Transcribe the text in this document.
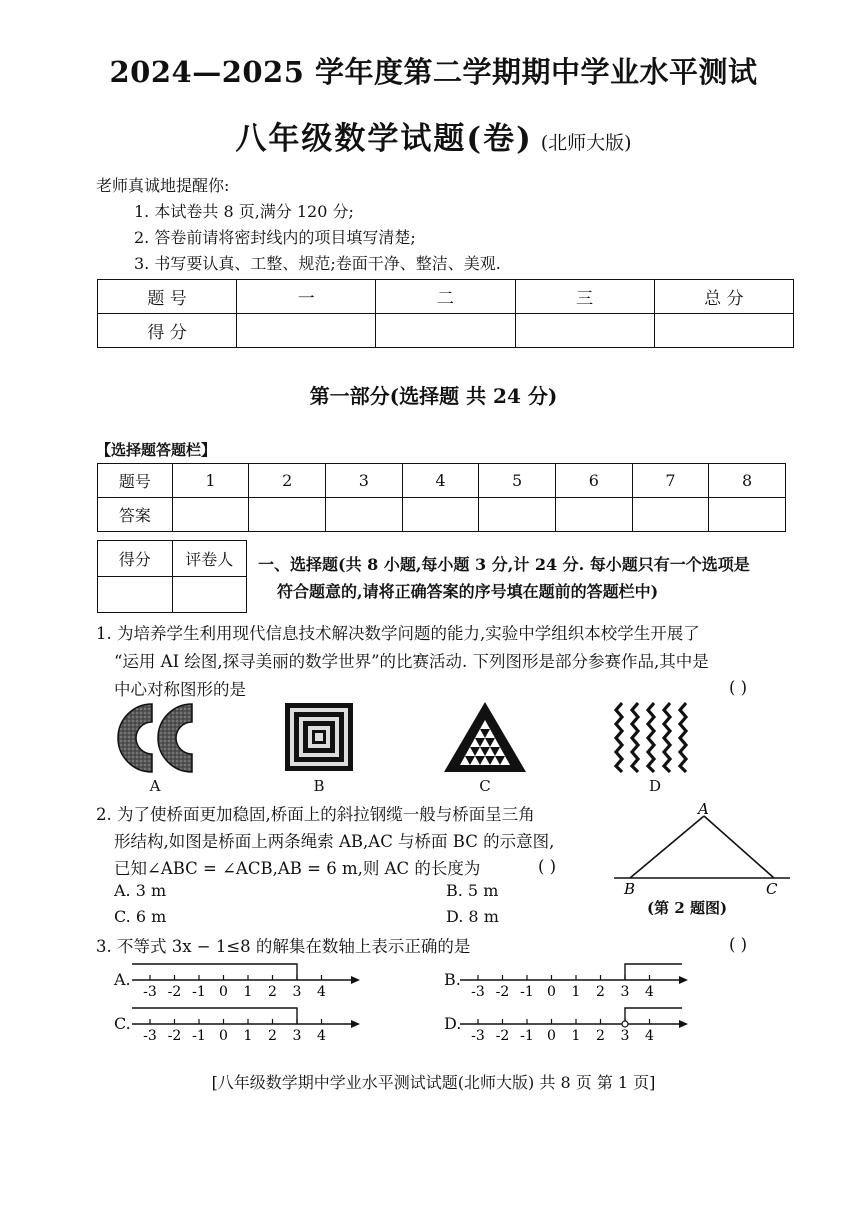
2024—2025 学年度第二学期期中学业水平测试
八年级数学试题(卷) (北师大版)
老师真诚地提醒你:
1. 本试卷共 8 页,满分 120 分;
2. 答卷前请将密封线内的项目填写清楚;
3. 书写要认真、工整、规范;卷面干净、整洁、美观.
题 号	一	二	三	总 分
得 分				
第一部分(选择题 共 24 分)
【选择题答题栏】
题号	1	2	3	4	5	6	7	8
答案								
得分	评卷人
	一、选择题(共 8 小题,每小题 3 分,计 24 分. 每小题只有一个选项是
符合题意的,请将正确答案的序号填在题前的答题栏中)
1. 为培养学生利用现代信息技术解决数学问题的能力,实验中学组织本校学生开展了
“运用 AI 绘图,探寻美丽的数学世界”的比赛活动. 下列图形是部分参赛作品,其中是
中心对称图形的是	( )
A	B	C	D
2. 为了使桥面更加稳固,桥面上的斜拉钢缆一般与桥面呈三角
形结构,如图是桥面上两条绳索 AB,AC 与桥面 BC 的示意图,
已知∠ABC = ∠ACB,AB = 6 m,则 AC 的长度为	( )
A. 3 m	B. 5 m
C. 6 m	D. 8 m
A
B	C
(第 2 题图)
3. 不等式 3x − 1≤8 的解集在数轴上表示正确的是	( )
A.	B.
C.	D.
-3 -2 -1 0 1 2 3 4	-3 -2 -1 0 1 2 3 4
-3 -2 -1 0 1 2 3 4	-3 -2 -1 0 1 2 3 4
[八年级数学期中学业水平测试试题(北师大版) 共 8 页 第 1 页]
